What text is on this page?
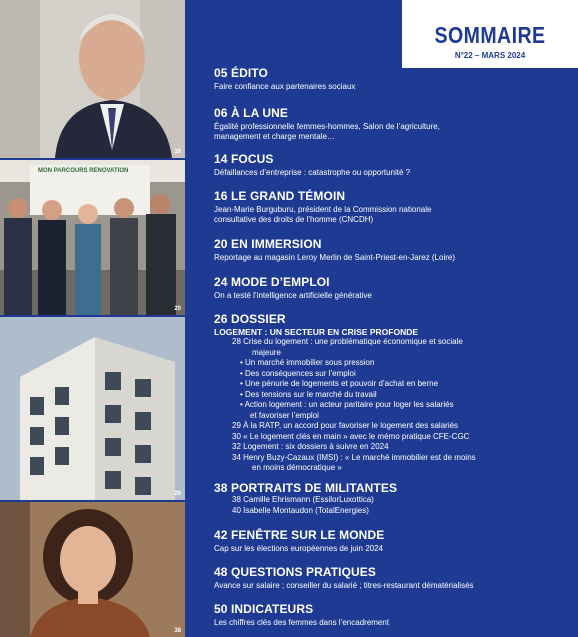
16
MON PARCOURS RENOVATION
20
26
38
SOMMAIRE
N°22 – MARS 2024
05 ÉDITO
Faire confiance aux partenaires sociaux
06 À LA UNE
Égalité professionnelle femmes-hommes, Salon de l’agriculture,
management et charge mentale…
14 FOCUS
Défaillances d’entreprise : catastrophe ou opportunité ?
16 LE GRAND TÉMOIN
Jean-Marie Burguburu, président de la Commission nationale
consultative des droits de l’homme (CNCDH)
20 EN IMMERSION
Reportage au magasin Leroy Merlin de Saint-Priest-en-Jarez (Loire)
24 MODE D’EMPLOI
On a testé l’intelligence artificielle générative
26 DOSSIER
LOGEMENT : UN SECTEUR EN CRISE PROFONDE
28 Crise du logement : une problématique économique et sociale
majeure
• Un marché immobilier sous pression
• Des conséquences sur l’emploi
• Une pénurie de logements et pouvoir d’achat en berne
• Des tensions sur le marché du travail
• Action logement : un acteur paritaire pour loger les salariés
et favoriser l’emploi
29 À la RATP, un accord pour favoriser le logement des salariés
30 « Le logement clés en main » avec le mémo pratique CFE-CGC
32 Logement : six dossiers à suivre en 2024
34 Henry Buzy-Cazaux (IMSI) : « Le marché immobilier est de moins
en moins démocratique »
38 PORTRAITS DE MILITANTES
38 Camille Ehrismann (EssilorLuxottica)
40 Isabelle Montaudon (TotalEnergies)
42 FENÊTRE SUR LE MONDE
Cap sur les élections européennes de juin 2024
48 QUESTIONS PRATIQUES
Avance sur salaire ; conseiller du salarié ; titres-restaurant dématérialisés
50 INDICATEURS
Les chiffres clés des femmes dans l’encadrement
